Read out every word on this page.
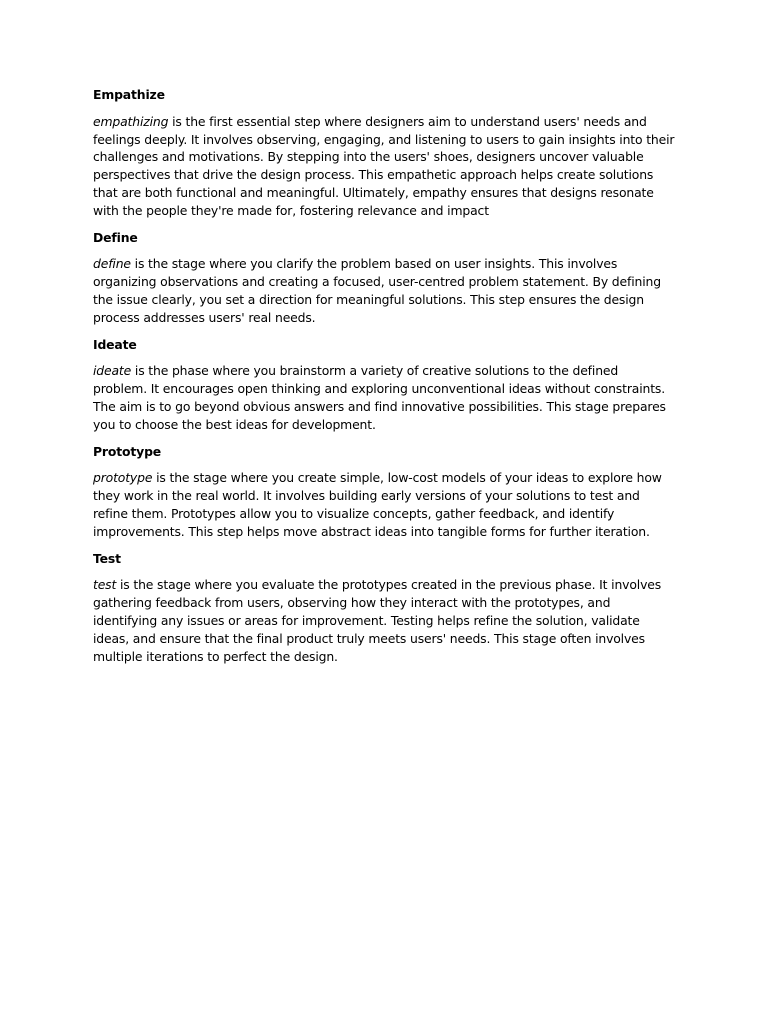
Empathize
empathizing is the first essential step where designers aim to understand users' needs and feelings deeply. It involves observing, engaging, and listening to users to gain insights into their challenges and motivations. By stepping into the users' shoes, designers uncover valuable perspectives that drive the design process. This empathetic approach helps create solutions that are both functional and meaningful. Ultimately, empathy ensures that designs resonate with the people they're made for, fostering relevance and impact
Define
define is the stage where you clarify the problem based on user insights. This involves organizing observations and creating a focused, user-centred problem statement. By defining the issue clearly, you set a direction for meaningful solutions. This step ensures the design process addresses users' real needs.
Ideate
ideate is the phase where you brainstorm a variety of creative solutions to the defined problem. It encourages open thinking and exploring unconventional ideas without constraints. The aim is to go beyond obvious answers and find innovative possibilities. This stage prepares you to choose the best ideas for development.
Prototype
prototype is the stage where you create simple, low-cost models of your ideas to explore how they work in the real world. It involves building early versions of your solutions to test and refine them. Prototypes allow you to visualize concepts, gather feedback, and identify improvements. This step helps move abstract ideas into tangible forms for further iteration.
Test
test is the stage where you evaluate the prototypes created in the previous phase. It involves gathering feedback from users, observing how they interact with the prototypes, and identifying any issues or areas for improvement. Testing helps refine the solution, validate ideas, and ensure that the final product truly meets users' needs. This stage often involves multiple iterations to perfect the design.
